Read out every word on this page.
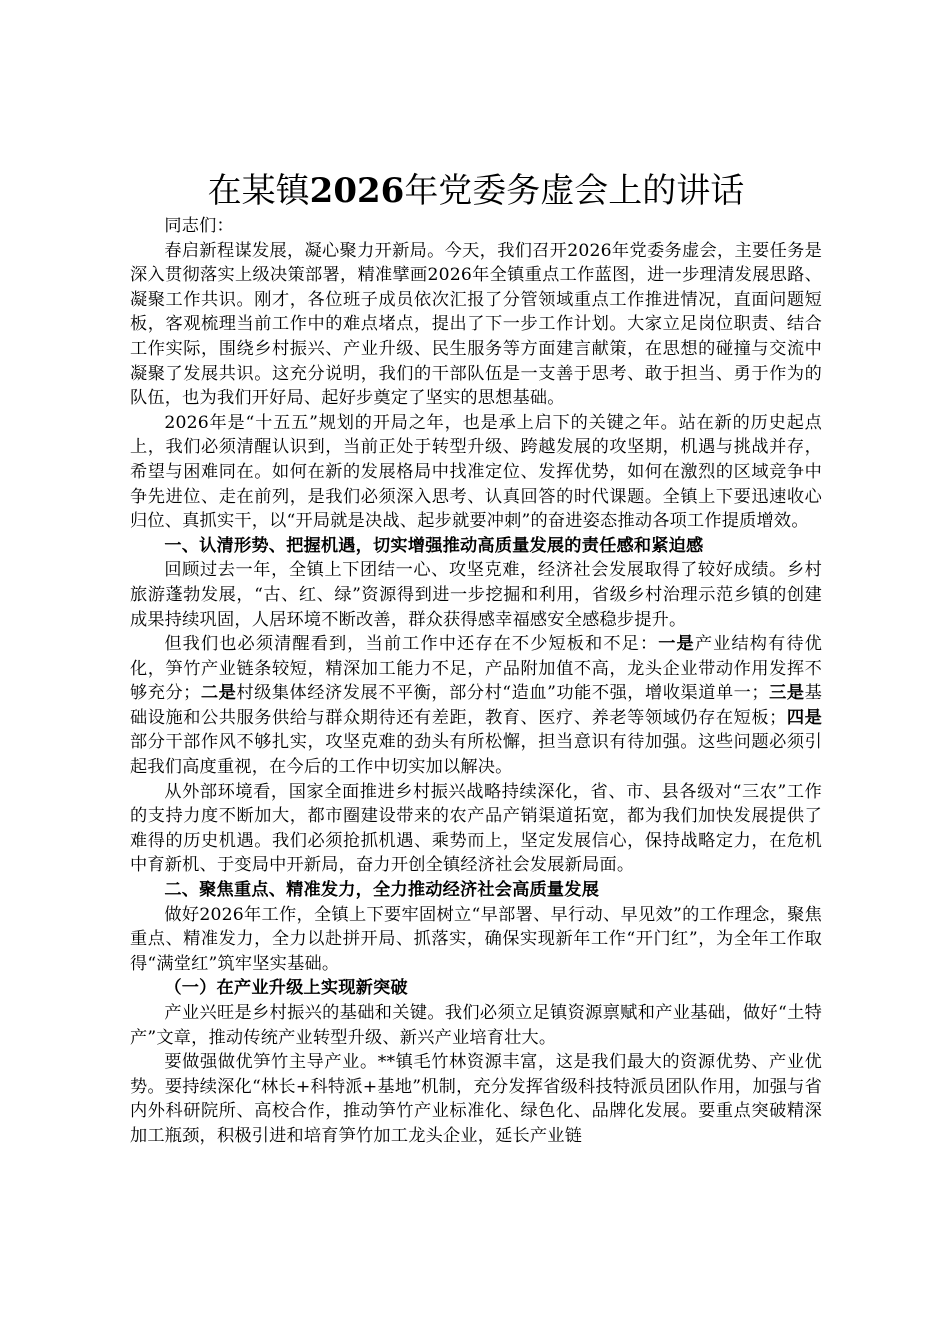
在某镇2026年党委务虚会上的讲话

同志们：

春启新程谋发展，凝心聚力开新局。今天，我们召开2026年党委务虚会，主要任务是深入贯彻落实上级决策部署，精准擘画2026年全镇重点工作蓝图，进一步理清发展思路、凝聚工作共识。刚才，各位班子成员依次汇报了分管领域重点工作推进情况，直面问题短板，客观梳理当前工作中的难点堵点，提出了下一步工作计划。大家立足岗位职责、结合工作实际，围绕乡村振兴、产业升级、民生服务等方面建言献策，在思想的碰撞与交流中凝聚了发展共识。这充分说明，我们的干部队伍是一支善于思考、敢于担当、勇于作为的队伍，也为我们开好局、起好步奠定了坚实的思想基础。

2026年是“十五五”规划的开局之年，也是承上启下的关键之年。站在新的历史起点上，我们必须清醒认识到，当前正处于转型升级、跨越发展的攻坚期，机遇与挑战并存，希望与困难同在。如何在新的发展格局中找准定位、发挥优势，如何在激烈的区域竞争中争先进位、走在前列，是我们必须深入思考、认真回答的时代课题。全镇上下要迅速收心归位、真抓实干，以“开局就是决战、起步就要冲刺”的奋进姿态推动各项工作提质增效。

一、认清形势、把握机遇，切实增强推动高质量发展的责任感和紧迫感

回顾过去一年，全镇上下团结一心、攻坚克难，经济社会发展取得了较好成绩。乡村旅游蓬勃发展，“古、红、绿”资源得到进一步挖掘和利用，省级乡村治理示范乡镇的创建成果持续巩固，人居环境不断改善，群众获得感幸福感安全感稳步提升。

但我们也必须清醒看到，当前工作中还存在不少短板和不足：一是产业结构有待优化，笋竹产业链条较短，精深加工能力不足，产品附加值不高，龙头企业带动作用发挥不够充分；二是村级集体经济发展不平衡，部分村“造血”功能不强，增收渠道单一；三是基础设施和公共服务供给与群众期待还有差距，教育、医疗、养老等领域仍存在短板；四是部分干部作风不够扎实，攻坚克难的劲头有所松懈，担当意识有待加强。这些问题必须引起我们高度重视，在今后的工作中切实加以解决。

从外部环境看，国家全面推进乡村振兴战略持续深化，省、市、县各级对“三农”工作的支持力度不断加大，都市圈建设带来的农产品产销渠道拓宽，都为我们加快发展提供了难得的历史机遇。我们必须抢抓机遇、乘势而上，坚定发展信心，保持战略定力，在危机中育新机、于变局中开新局，奋力开创全镇经济社会发展新局面。

二、聚焦重点、精准发力，全力推动经济社会高质量发展

做好2026年工作，全镇上下要牢固树立“早部署、早行动、早见效”的工作理念，聚焦重点、精准发力，全力以赴拼开局、抓落实，确保实现新年工作“开门红”，为全年工作取得“满堂红”筑牢坚实基础。

（一）在产业升级上实现新突破

产业兴旺是乡村振兴的基础和关键。我们必须立足镇资源禀赋和产业基础，做好“土特产”文章，推动传统产业转型升级、新兴产业培育壮大。

要做强做优笋竹主导产业。**镇毛竹林资源丰富，这是我们最大的资源优势、产业优势。要持续深化“林长+科特派+基地”机制，充分发挥省级科技特派员团队作用，加强与省内外科研院所、高校合作，推动笋竹产业标准化、绿色化、品牌化发展。要重点突破精深加工瓶颈，积极引进和培育笋竹加工龙头企业，延长产业链
